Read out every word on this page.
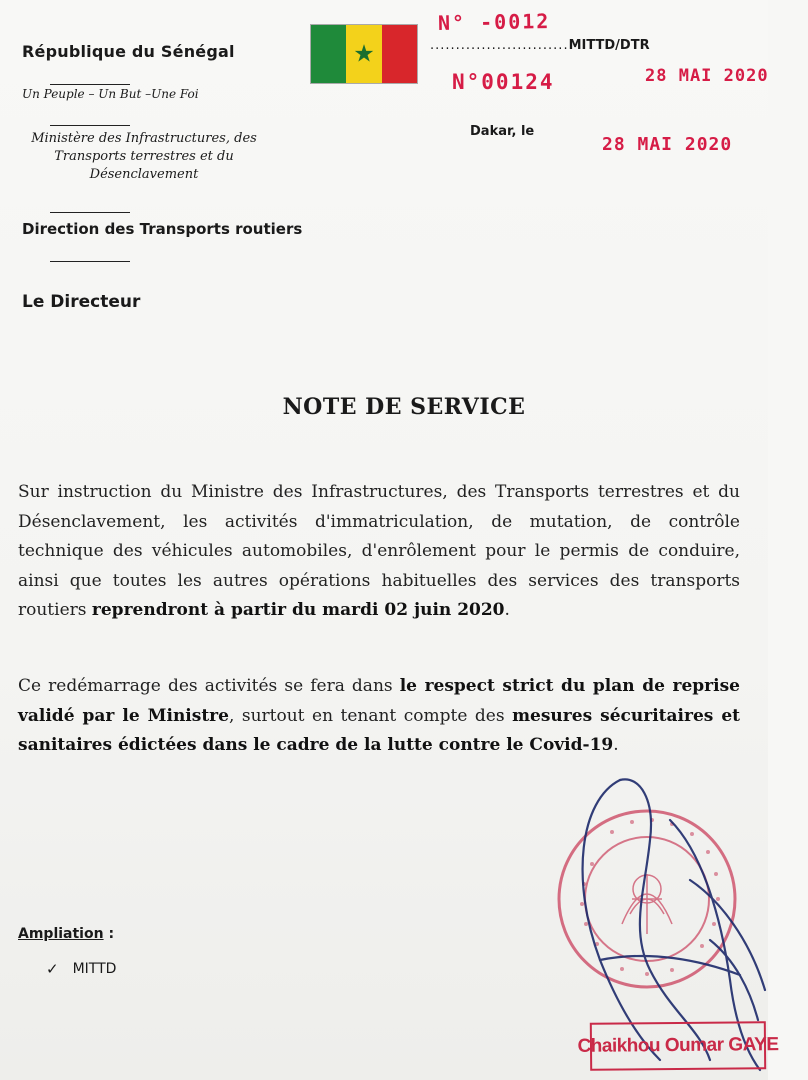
République du Sénégal

Un Peuple – Un But –Une Foi
Ministère des Infrastructures, des Transports terrestres et du Désenclavement
Direction des Transports routiers
Le Directeur
★
N° -0012
...........................MITTD/DTR
N°00124	28 MAI 2020
Dakar, le
28 MAI 2020
NOTE DE SERVICE
Sur instruction du Ministre des Infrastructures, des Transports terrestres et du Désenclavement, les activités d'immatriculation, de mutation, de contrôle technique des véhicules automobiles, d'enrôlement pour le permis de conduire, ainsi que toutes les autres opérations habituelles des services des transports routiers reprendront à partir du mardi 02 juin 2020.
Ce redémarrage des activités se fera dans le respect strict du plan de reprise validé par le Ministre, surtout en tenant compte des mesures sécuritaires et sanitaires édictées dans le cadre de la lutte contre le Covid-19.
Ampliation :
✓ MITTD
Chaikhou Oumar GAYE
